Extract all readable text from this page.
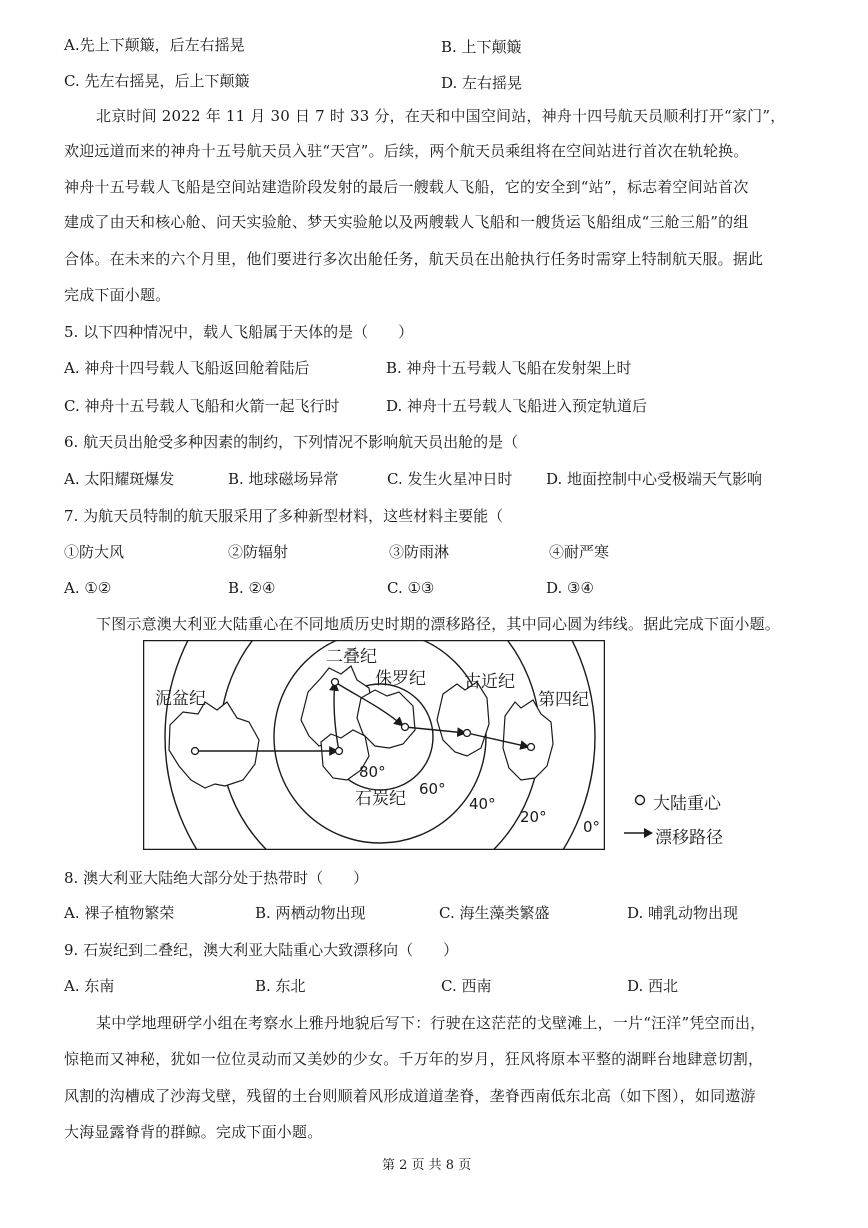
A.先上下颠簸，后左右摇晃	B. 上下颠簸
C. 先左右摇晃，后上下颠簸	D. 左右摇晃
北京时间 2022 年 11 月 30 日 7 时 33 分，在天和中国空间站，神舟十四号航天员顺利打开“家门”，
欢迎远道而来的神舟十五号航天员入驻“天宫”。后续，两个航天员乘组将在空间站进行首次在轨轮换。
神舟十五号载人飞船是空间站建造阶段发射的最后一艘载人飞船，它的安全到“站”，标志着空间站首次
建成了由天和核心舱、问天实验舱、梦天实验舱以及两艘载人飞船和一艘货运飞船组成“三舱三船”的组
合体。在未来的六个月里，他们要进行多次出舱任务，航天员在出舱执行任务时需穿上特制航天服。据此
完成下面小题。
5. 以下四种情况中，载人飞船属于天体的是（　　）
A. 神舟十四号载人飞船返回舱着陆后	B. 神舟十五号载人飞船在发射架上时
C. 神舟十五号载人飞船和火箭一起飞行时	D. 神舟十五号载人飞船进入预定轨道后
6. 航天员出舱受多种因素的制约，下列情况不影响航天员出舱的是（
A. 太阳耀斑爆发	B. 地球磁场异常	C. 发生火星冲日时 D. 地面控制中心受极端天气影响
7. 为航天员特制的航天服采用了多种新型材料，这些材料主要能（
①防大风	②防辐射	③防雨淋	④耐严寒
A. ①②	B. ②④	C. ①③	D. ③④
下图示意澳大利亚大陆重心在不同地质历史时期的漂移路径，其中同心圆为纬线。据此完成下面小题。
泥盆纪
二叠纪
侏罗纪 古近纪
第四纪
石炭纪
80°
60°
40°
20°
0°
大陆重心
漂移路径
8. 澳大利亚大陆绝大部分处于热带时（　　）
A. 裸子植物繁荣	B. 两栖动物出现	C. 海生藻类繁盛	D. 哺乳动物出现
9. 石炭纪到二叠纪，澳大利亚大陆重心大致漂移向（　　）
A. 东南	B. 东北	C. 西南	D. 西北
某中学地理研学小组在考察水上雅丹地貌后写下：行驶在这茫茫的戈壁滩上，一片“汪洋”凭空而出，
惊艳而又神秘，犹如一位位灵动而又美妙的少女。千万年的岁月，狂风将原本平整的湖畔台地肆意切割，
风割的沟槽成了沙海戈壁，残留的土台则顺着风形成道道垄脊，垄脊西南低东北高（如下图），如同遨游
大海显露脊背的群鲸。完成下面小题。
第 2 页 共 8 页
